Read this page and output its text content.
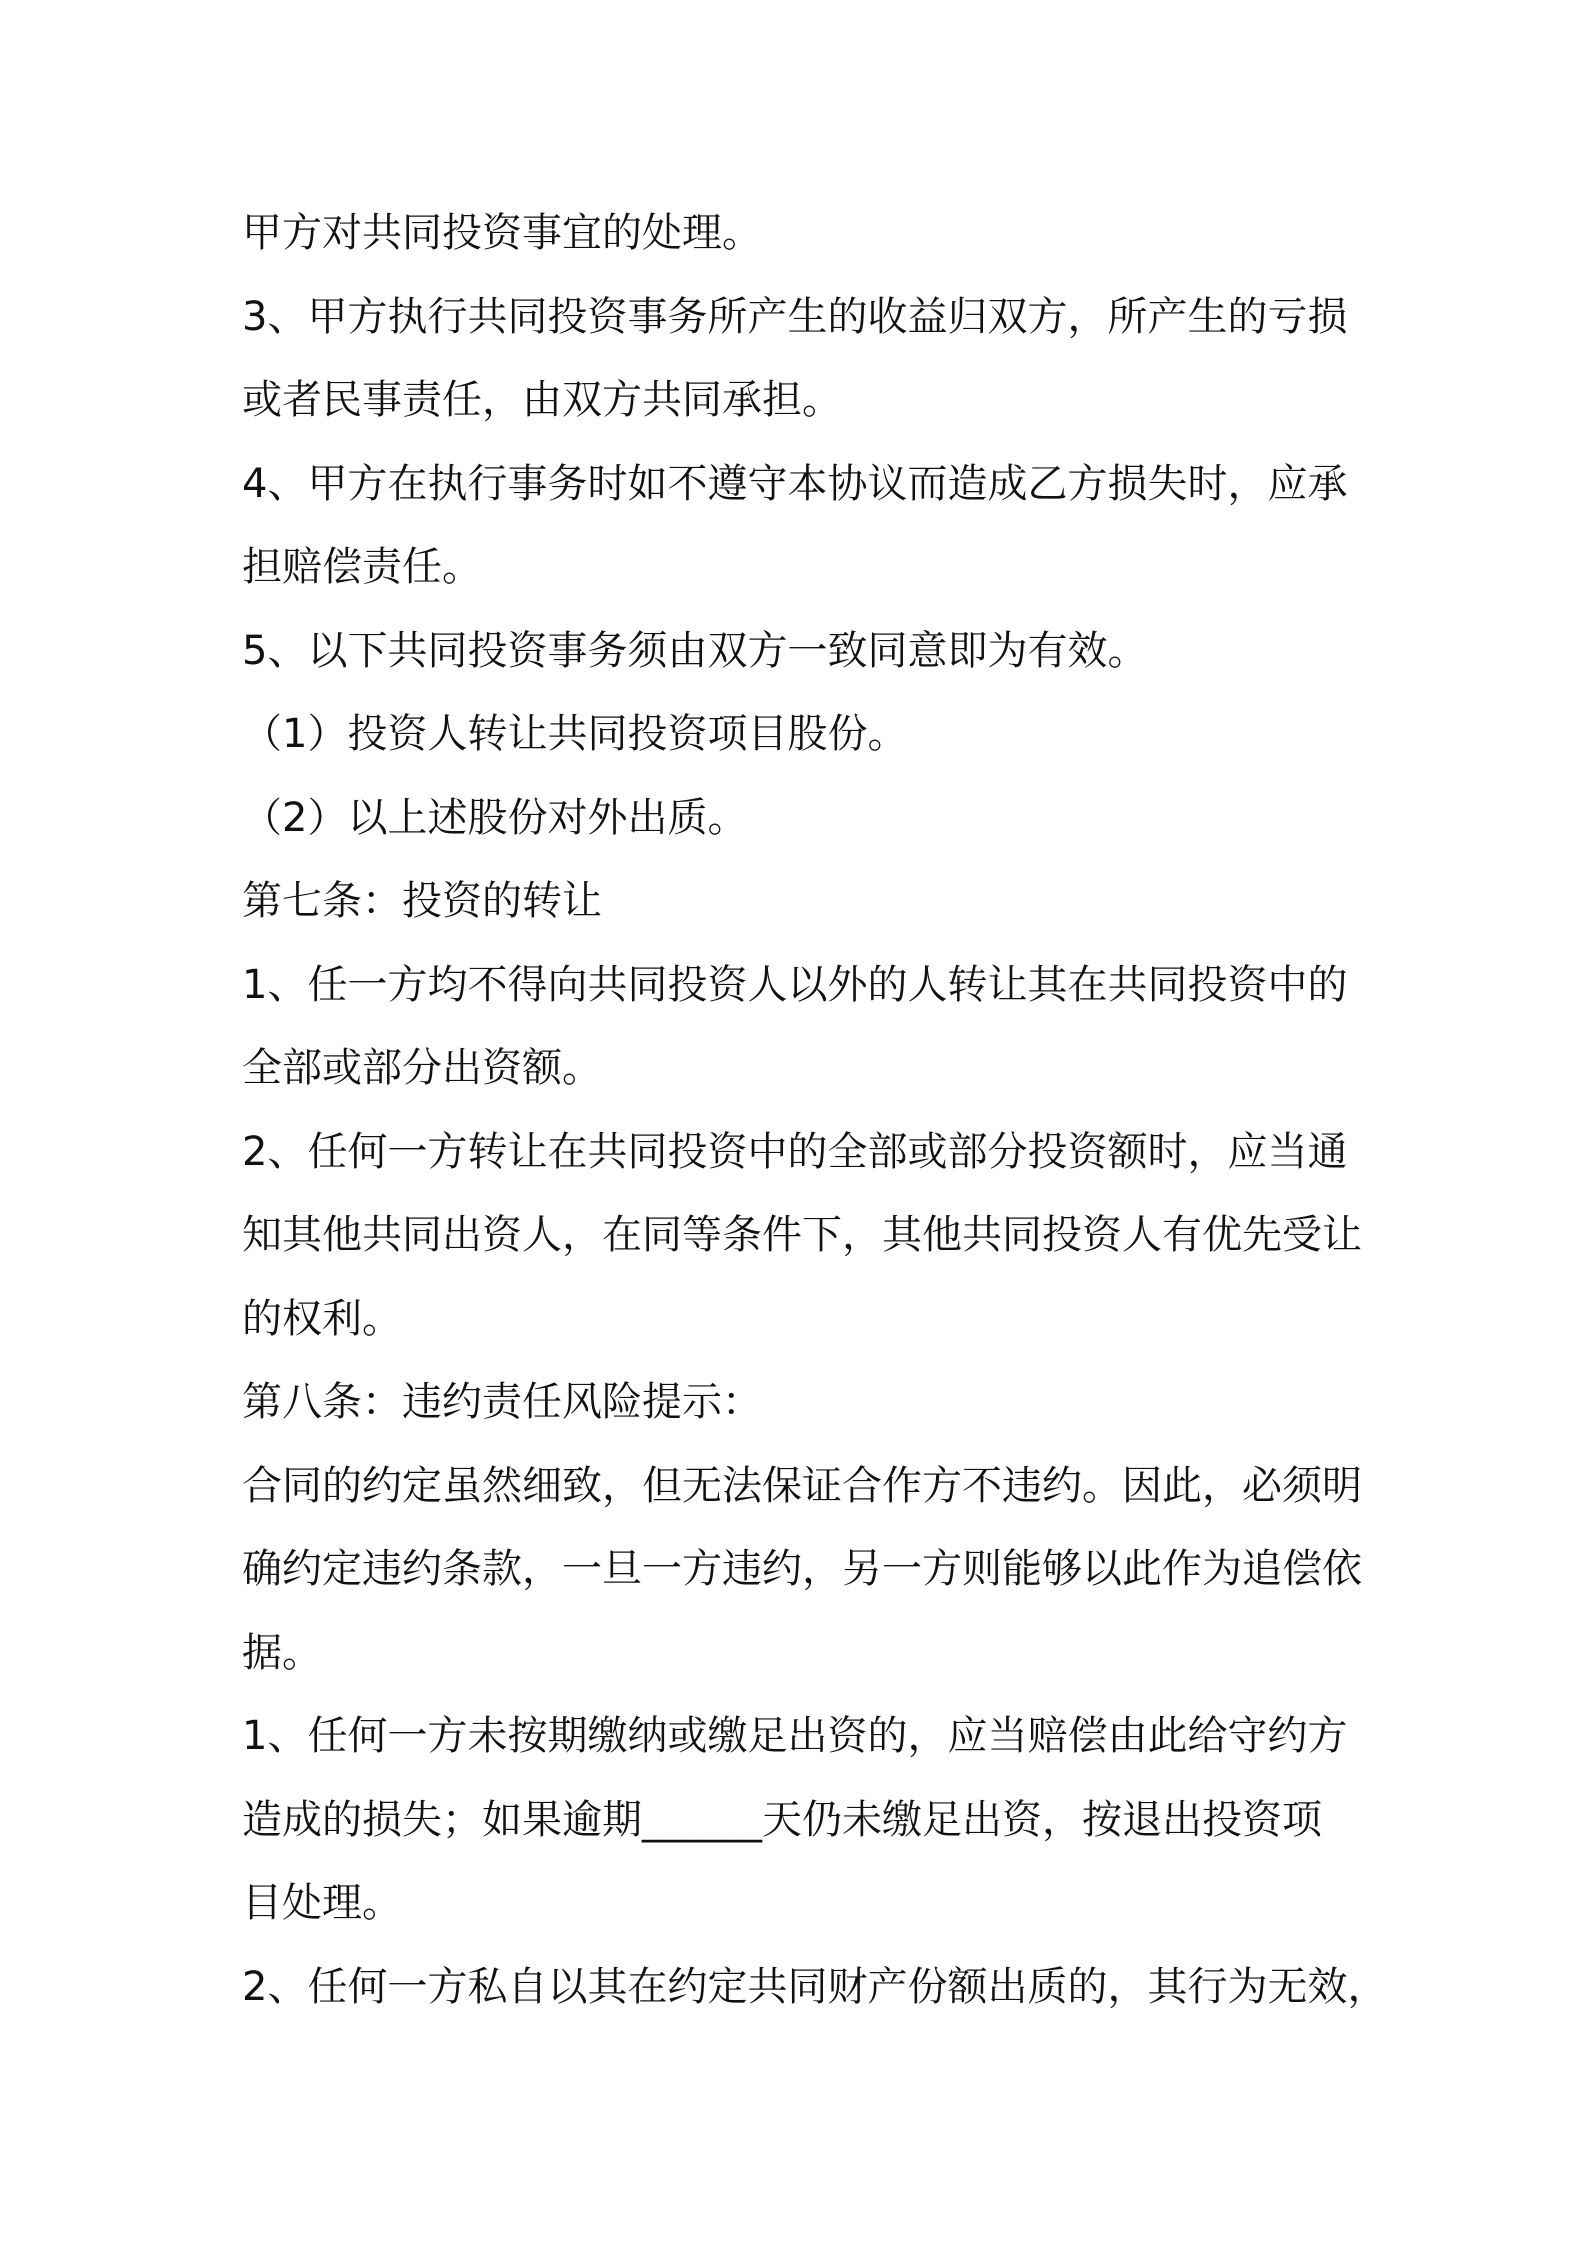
甲方对共同投资事宜的处理。
3、甲方执行共同投资事务所产生的收益归双方，所产生的亏损
或者民事责任，由双方共同承担。
4、甲方在执行事务时如不遵守本协议而造成乙方损失时，应承
担赔偿责任。
5、以下共同投资事务须由双方一致同意即为有效。
（1）投资人转让共同投资项目股份。
（2）以上述股份对外出质。
第七条：投资的转让
1、任一方均不得向共同投资人以外的人转让其在共同投资中的
全部或部分出资额。
2、任何一方转让在共同投资中的全部或部分投资额时，应当通
知其他共同出资人，在同等条件下，其他共同投资人有优先受让
的权利。
第八条：违约责任风险提示：
合同的约定虽然细致，但无法保证合作方不违约。因此，必须明
确约定违约条款，一旦一方违约，另一方则能够以此作为追偿依
据。
1、任何一方未按期缴纳或缴足出资的，应当赔偿由此给守约方
造成的损失；如果逾期______天仍未缴足出资，按退出投资项
目处理。
2、任何一方私自以其在约定共同财产份额出质的，其行为无效，
